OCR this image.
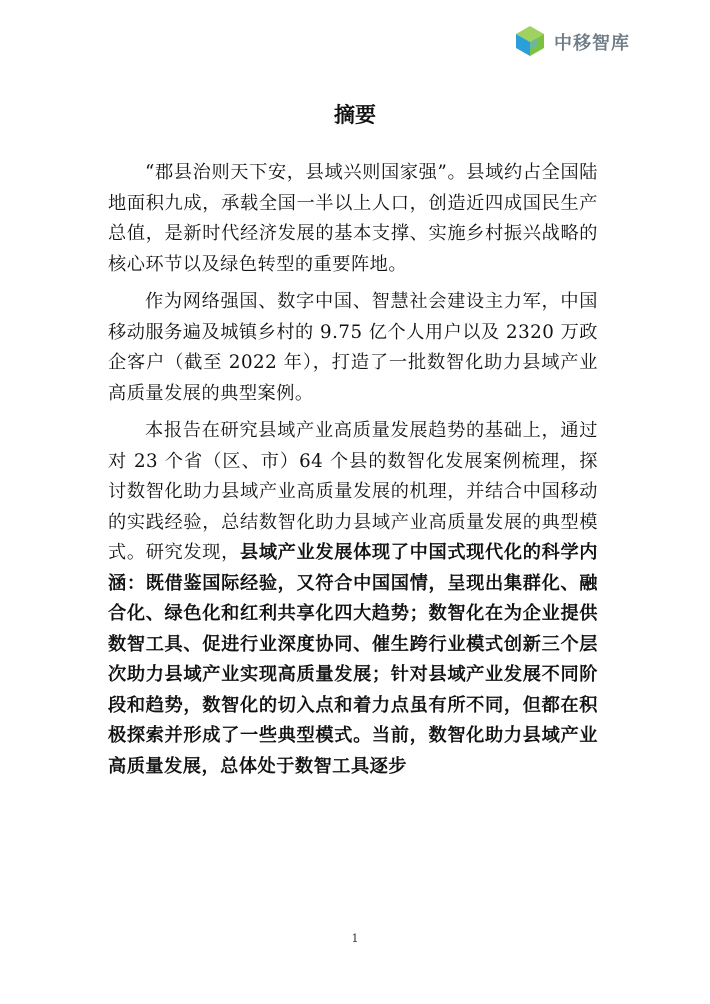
中移智库
摘要

“郡县治则天下安，县域兴则国家强”。县域约占全国陆地面积九成，承载全国一半以上人口，创造近四成国民生产总值，是新时代经济发展的基本支撑、实施乡村振兴战略的核心环节以及绿色转型的重要阵地。

作为网络强国、数字中国、智慧社会建设主力军，中国移动服务遍及城镇乡村的 9.75 亿个人用户以及 2320 万政企客户（截至 2022 年），打造了一批数智化助力县域产业高质量发展的典型案例。

本报告在研究县域产业高质量发展趋势的基础上，通过对 23 个省（区、市）64 个县的数智化发展案例梳理，探讨数智化助力县域产业高质量发展的机理，并结合中国移动的实践经验，总结数智化助力县域产业高质量发展的典型模式。研究发现，县域产业发展体现了中国式现代化的科学内涵：既借鉴国际经验，又符合中国国情，呈现出集群化、融合化、绿色化和红利共享化四大趋势；数智化在为企业提供数智工具、促进行业深度协同、催生跨行业模式创新三个层次助力县域产业实现高质量发展；针对县域产业发展不同阶段和趋势，数智化的切入点和着力点虽有所不同，但都在积极探索并形成了一些典型模式。当前，数智化助力县域产业高质量发展，总体处于数智工具逐步

1
